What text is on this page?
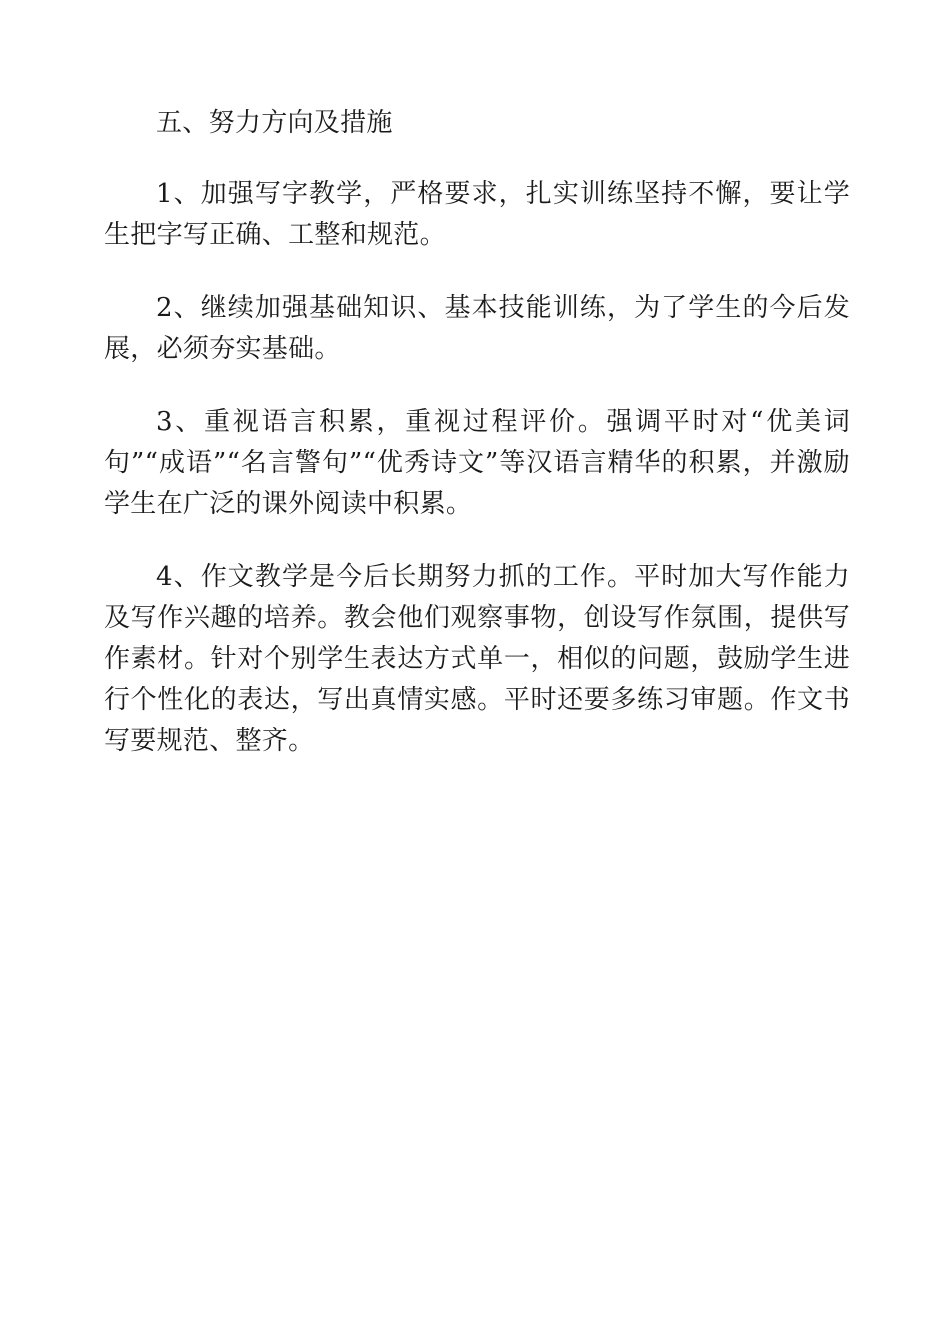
五、努力方向及措施

1、加强写字教学，严格要求，扎实训练坚持不懈，要让学生把字写正确、工整和规范。

2、继续加强基础知识、基本技能训练，为了学生的今后发展，必须夯实基础。

3、重视语言积累，重视过程评价。强调平时对“优美词句”“成语”“名言警句”“优秀诗文”等汉语言精华的积累，并激励学生在广泛的课外阅读中积累。

4、作文教学是今后长期努力抓的工作。平时加大写作能力及写作兴趣的培养。教会他们观察事物，创设写作氛围，提供写作素材。针对个别学生表达方式单一，相似的问题，鼓励学生进行个性化的表达，写出真情实感。平时还要多练习审题。作文书写要规范、整齐。
